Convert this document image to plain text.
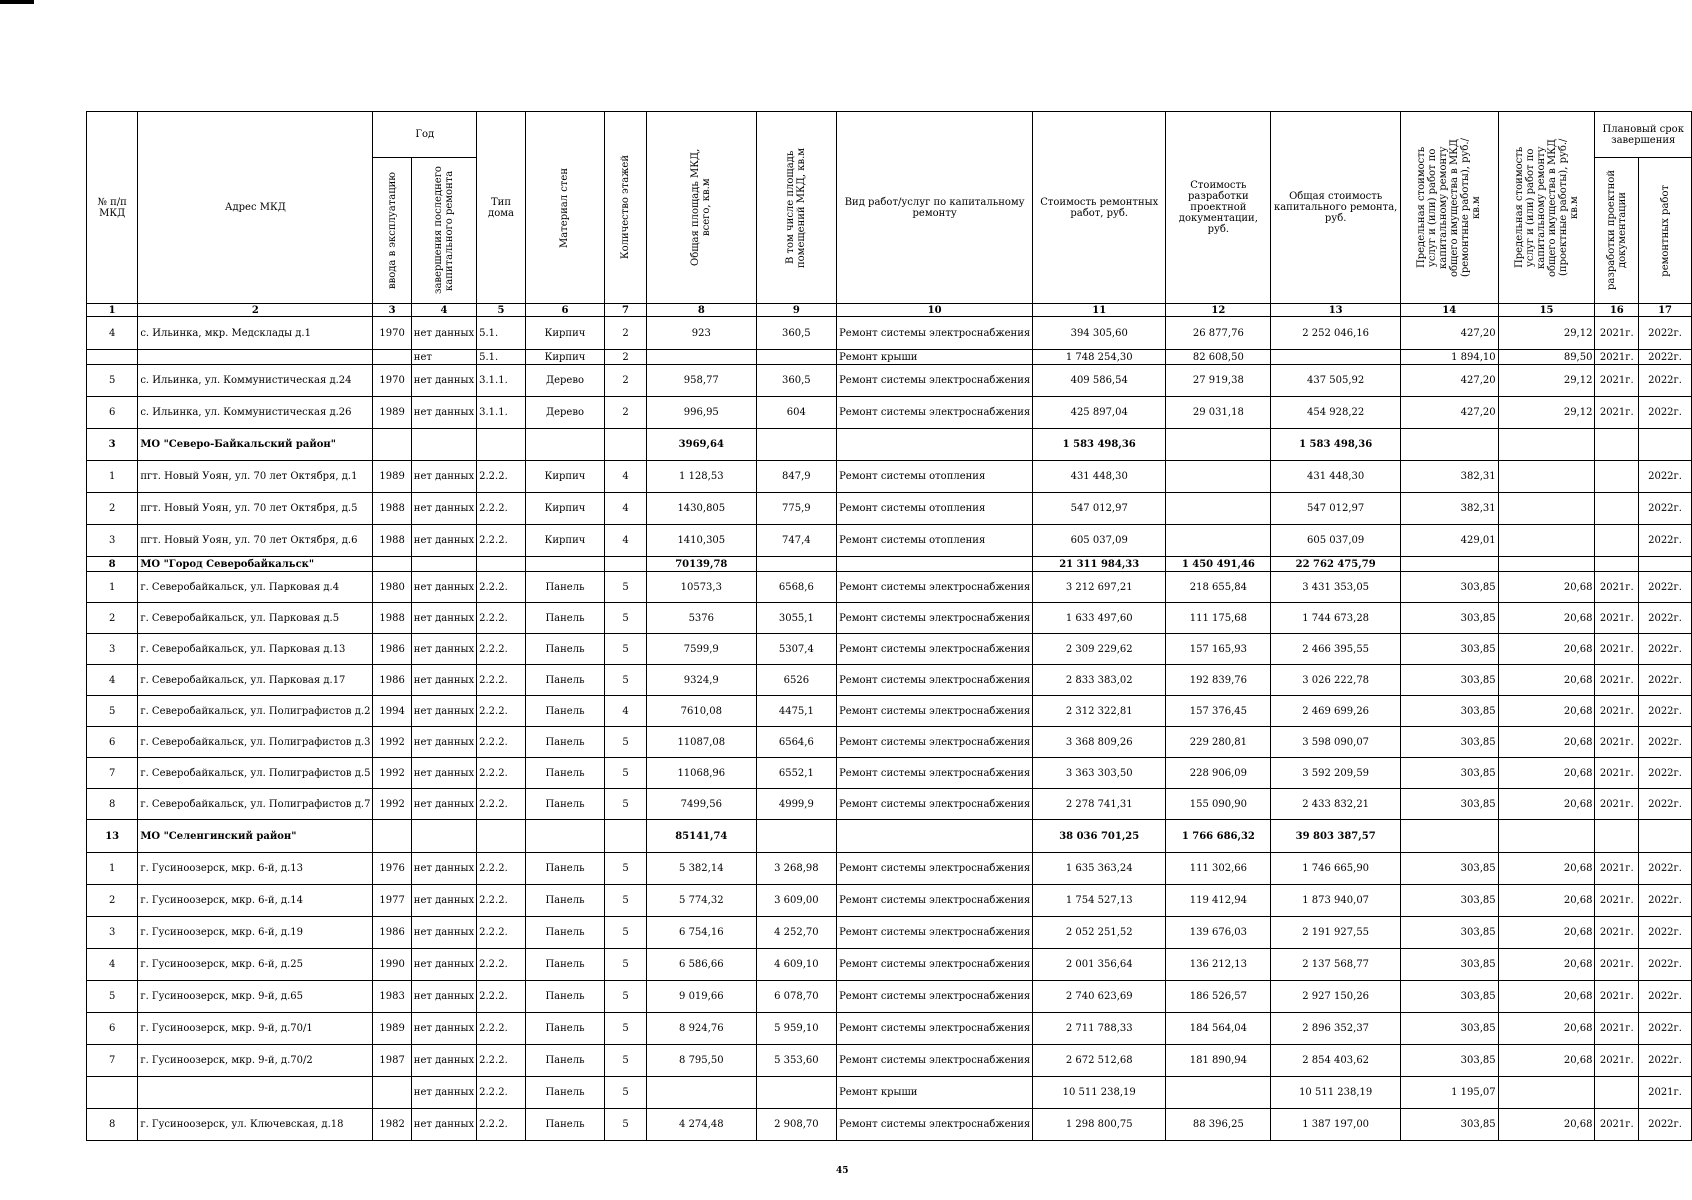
№ п/п МКД	Адрес МКД	Год		Тип дома	Материал стен	Количество этажей	Общая площадь МКД, всего, кв.м	В том числе площадь помещений МКД, кв.м	Вид работ/услуг по капитальному ремонту	Стоимость ремонтных работ, руб.	Стоимость разработки проектной документации, руб.	Общая стоимость капитального ремонта, руб.	Предельная стоимость услуг и (или) работ по капитальному ремонту общего имущества в МКД (ремонтные работы), руб./кв.м	Предельная стоимость услуг и (или) работ по капитальному ремонту общего имущества в МКД (проектные работы), руб./кв.м	Плановый срок завершения	

		ввода в эксплуатацию	завершения последнего капитального ремонта												разработки проектной документации	ремонтных работ

1	2	3	4	5	6	7	8	9	10	11	12	13	14	15	16	17
4	с. Ильинка, мкр. Медсклады д.1	1970	нет данных	5.1.	Кирпич	2	923	360,5	Ремонт системы электроснабжения	394 305,60	26 877,76	2 252 046,16	427,20	29,12	2021г.	2022г.
			нет	5.1.	Кирпич	2			Ремонт крыши	1 748 254,30	82 608,50		1 894,10	89,50	2021г.	2022г.
5	с. Ильинка, ул. Коммунистическая д.24	1970	нет данных	3.1.1.	Дерево	2	958,77	360,5	Ремонт системы электроснабжения	409 586,54	27 919,38	437 505,92	427,20	29,12	2021г.	2022г.
6	с. Ильинка, ул. Коммунистическая д.26	1989	нет данных	3.1.1.	Дерево	2	996,95	604	Ремонт системы электроснабжения	425 897,04	29 031,18	454 928,22	427,20	29,12	2021г.	2022г.
3	МО "Северо-Байкальский район"						3969,64			1 583 498,36		1 583 498,36				
1	пгт. Новый Уоян, ул. 70 лет Октября, д.1	1989	нет данных	2.2.2.	Кирпич	4	1 128,53	847,9	Ремонт системы отопления	431 448,30		431 448,30	382,31			2022г.
2	пгт. Новый Уоян, ул. 70 лет Октября, д.5	1988	нет данных	2.2.2.	Кирпич	4	1430,805	775,9	Ремонт системы отопления	547 012,97		547 012,97	382,31			2022г.
3	пгт. Новый Уоян, ул. 70 лет Октября, д.6	1988	нет данных	2.2.2.	Кирпич	4	1410,305	747,4	Ремонт системы отопления	605 037,09		605 037,09	429,01			2022г.
8	МО "Город Северобайкальск"						70139,78			21 311 984,33	1 450 491,46	22 762 475,79				
1	г. Северобайкальск, ул. Парковая д.4	1980	нет данных	2.2.2.	Панель	5	10573,3	6568,6	Ремонт системы электроснабжения	3 212 697,21	218 655,84	3 431 353,05	303,85	20,68	2021г.	2022г.
2	г. Северобайкальск, ул. Парковая д.5	1988	нет данных	2.2.2.	Панель	5	5376	3055,1	Ремонт системы электроснабжения	1 633 497,60	111 175,68	1 744 673,28	303,85	20,68	2021г.	2022г.
3	г. Северобайкальск, ул. Парковая д.13	1986	нет данных	2.2.2.	Панель	5	7599,9	5307,4	Ремонт системы электроснабжения	2 309 229,62	157 165,93	2 466 395,55	303,85	20,68	2021г.	2022г.
4	г. Северобайкальск, ул. Парковая д.17	1986	нет данных	2.2.2.	Панель	5	9324,9	6526	Ремонт системы электроснабжения	2 833 383,02	192 839,76	3 026 222,78	303,85	20,68	2021г.	2022г.
5	г. Северобайкальск, ул. Полиграфистов д.2	1994	нет данных	2.2.2.	Панель	4	7610,08	4475,1	Ремонт системы электроснабжения	2 312 322,81	157 376,45	2 469 699,26	303,85	20,68	2021г.	2022г.
6	г. Северобайкальск, ул. Полиграфистов д.3	1992	нет данных	2.2.2.	Панель	5	11087,08	6564,6	Ремонт системы электроснабжения	3 368 809,26	229 280,81	3 598 090,07	303,85	20,68	2021г.	2022г.
7	г. Северобайкальск, ул. Полиграфистов д.5	1992	нет данных	2.2.2.	Панель	5	11068,96	6552,1	Ремонт системы электроснабжения	3 363 303,50	228 906,09	3 592 209,59	303,85	20,68	2021г.	2022г.
8	г. Северобайкальск, ул. Полиграфистов д.7	1992	нет данных	2.2.2.	Панель	5	7499,56	4999,9	Ремонт системы электроснабжения	2 278 741,31	155 090,90	2 433 832,21	303,85	20,68	2021г.	2022г.
13	МО "Селенгинский район"						85141,74			38 036 701,25	1 766 686,32	39 803 387,57				
1	г. Гусиноозерск, мкр. 6-й, д.13	1976	нет данных	2.2.2.	Панель	5	5 382,14	3 268,98	Ремонт системы электроснабжения	1 635 363,24	111 302,66	1 746 665,90	303,85	20,68	2021г.	2022г.
2	г. Гусиноозерск, мкр. 6-й, д.14	1977	нет данных	2.2.2.	Панель	5	5 774,32	3 609,00	Ремонт системы электроснабжения	1 754 527,13	119 412,94	1 873 940,07	303,85	20,68	2021г.	2022г.
3	г. Гусиноозерск, мкр. 6-й, д.19	1986	нет данных	2.2.2.	Панель	5	6 754,16	4 252,70	Ремонт системы электроснабжения	2 052 251,52	139 676,03	2 191 927,55	303,85	20,68	2021г.	2022г.
4	г. Гусиноозерск, мкр. 6-й, д.25	1990	нет данных	2.2.2.	Панель	5	6 586,66	4 609,10	Ремонт системы электроснабжения	2 001 356,64	136 212,13	2 137 568,77	303,85	20,68	2021г.	2022г.
5	г. Гусиноозерск, мкр. 9-й, д.65	1983	нет данных	2.2.2.	Панель	5	9 019,66	6 078,70	Ремонт системы электроснабжения	2 740 623,69	186 526,57	2 927 150,26	303,85	20,68	2021г.	2022г.
6	г. Гусиноозерск, мкр. 9-й, д.70/1	1989	нет данных	2.2.2.	Панель	5	8 924,76	5 959,10	Ремонт системы электроснабжения	2 711 788,33	184 564,04	2 896 352,37	303,85	20,68	2021г.	2022г.
7	г. Гусиноозерск, мкр. 9-й, д.70/2	1987	нет данных	2.2.2.	Панель	5	8 795,50	5 353,60	Ремонт системы электроснабжения	2 672 512,68	181 890,94	2 854 403,62	303,85	20,68	2021г.	2022г.
			нет данных	2.2.2.	Панель	5			Ремонт крыши	10 511 238,19		10 511 238,19	1 195,07			2021г.
8	г. Гусиноозерск, ул. Ключевская, д.18	1982	нет данных	2.2.2.	Панель	5	4 274,48	2 908,70	Ремонт системы электроснабжения	1 298 800,75	88 396,25	1 387 197,00	303,85	20,68	2021г.	2022г.
45
